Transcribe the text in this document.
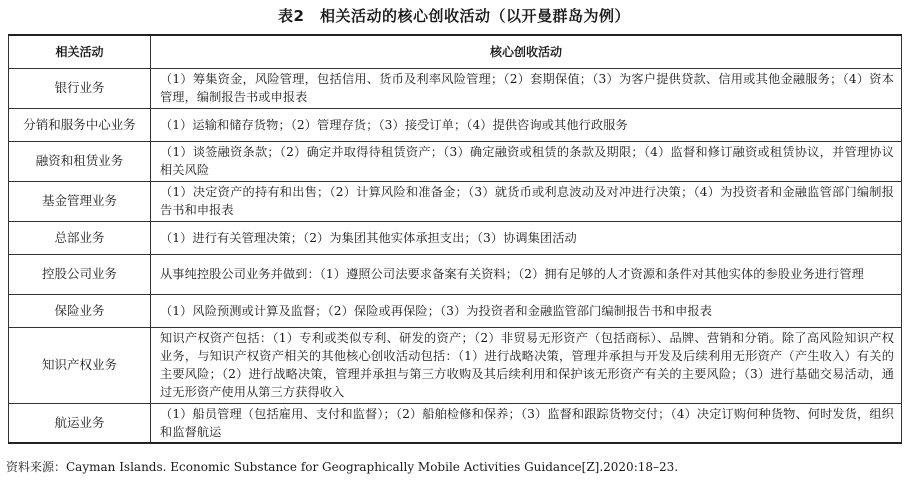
表2　相关活动的核心创收活动（以开曼群岛为例）
相关活动	核心创收活动
银行业务	（1）筹集资金，风险管理，包括信用、货币及利率风险管理；（2）套期保值；（3）为客户提供贷款、信用或其他金融服务；（4）资本管理，编制报告书或申报表
分销和服务中心业务	（1）运输和储存货物；（2）管理存货；（3）接受订单；（4）提供咨询或其他行政服务
融资和租赁业务	（1）谈签融资条款；（2）确定并取得待租赁资产；（3）确定融资或租赁的条款及期限；（4）监督和修订融资或租赁协议，并管理协议相关风险
基金管理业务	（1）决定资产的持有和出售；（2）计算风险和准备金；（3）就货币或利息波动及对冲进行决策；（4）为投资者和金融监管部门编制报告书和申报表
总部业务	（1）进行有关管理决策；（2）为集团其他实体承担支出；（3）协调集团活动
控股公司业务	从事纯控股公司业务并做到：（1）遵照公司法要求备案有关资料；（2）拥有足够的人才资源和条件对其他实体的参股业务进行管理
保险业务	（1）风险预测或计算及监督；（2）保险或再保险；（3）为投资者和金融监管部门编制报告书和申报表
知识产权业务	知识产权资产包括：（1）专利或类似专利、研发的资产；（2）非贸易无形资产（包括商标）、品牌、营销和分销。除了高风险知识产权业务，与知识产权资产相关的其他核心创收活动包括：（1）进行战略决策，管理并承担与开发及后续利用无形资产（产生收入）有关的主要风险；（2）进行战略决策，管理并承担与第三方收购及其后续利用和保护该无形资产有关的主要风险；（3）进行基础交易活动，通过无形资产使用从第三方获得收入
航运业务	（1）船员管理（包括雇用、支付和监督）；（2）船舶检修和保养；（3）监督和跟踪货物交付；（4）决定订购何种货物、何时发货，组织和监督航运
资料来源：Cayman Islands. Economic Substance for Geographically Mobile Activities Guidance[Z].2020:18–23.
